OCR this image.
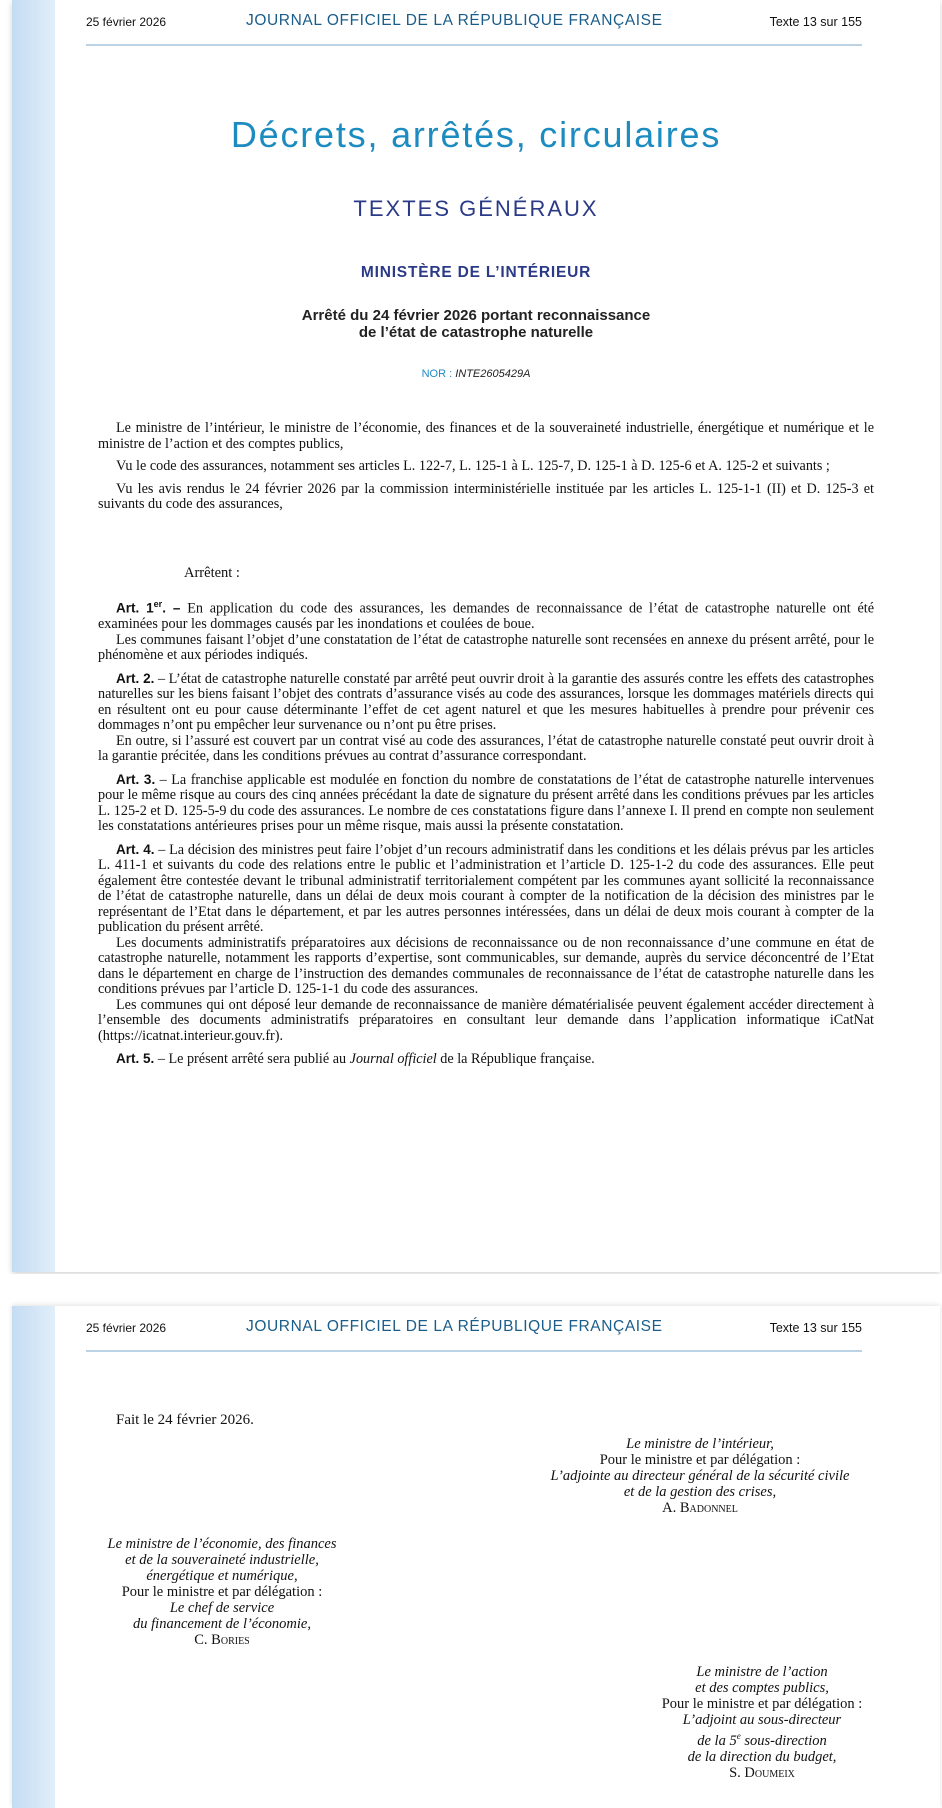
25 février 2026	JOURNAL OFFICIEL DE LA RÉPUBLIQUE FRANÇAISE	Texte 13 sur 155
Décrets, arrêtés, circulaires
TEXTES GÉNÉRAUX
MINISTÈRE DE L’INTÉRIEUR
Arrêté du 24 février 2026 portant reconnaissance
de l’état de catastrophe naturelle
NOR : INTE2605429A

Le ministre de l’intérieur, le ministre de l’économie, des finances et de la souveraineté industrielle, énergétique et numérique et le ministre de l’action et des comptes publics,

Vu le code des assurances, notamment ses articles L. 122-7, L. 125-1 à L. 125-7, D. 125-1 à D. 125-6 et A. 125-2 et suivants ;

Vu les avis rendus le 24 février 2026 par la commission interministérielle instituée par les articles L. 125-1-1 (II) et D. 125-3 et suivants du code des assurances,

Arrêtent :

Art. 1er. – En application du code des assurances, les demandes de reconnaissance de l’état de catastrophe naturelle ont été examinées pour les dommages causés par les inondations et coulées de boue.

Les communes faisant l’objet d’une constatation de l’état de catastrophe naturelle sont recensées en annexe du présent arrêté, pour le phénomène et aux périodes indiqués.

Art. 2. – L’état de catastrophe naturelle constaté par arrêté peut ouvrir droit à la garantie des assurés contre les effets des catastrophes naturelles sur les biens faisant l’objet des contrats d’assurance visés au code des assurances, lorsque les dommages matériels directs qui en résultent ont eu pour cause déterminante l’effet de cet agent naturel et que les mesures habituelles à prendre pour prévenir ces dommages n’ont pu empêcher leur survenance ou n’ont pu être prises.

En outre, si l’assuré est couvert par un contrat visé au code des assurances, l’état de catastrophe naturelle constaté peut ouvrir droit à la garantie précitée, dans les conditions prévues au contrat d’assurance correspondant.

Art. 3. – La franchise applicable est modulée en fonction du nombre de constatations de l’état de catastrophe naturelle intervenues pour le même risque au cours des cinq années précédant la date de signature du présent arrêté dans les conditions prévues par les articles L. 125-2 et D. 125-5-9 du code des assurances. Le nombre de ces constatations figure dans l’annexe I. Il prend en compte non seulement les constatations antérieures prises pour un même risque, mais aussi la présente constatation.

Art. 4. – La décision des ministres peut faire l’objet d’un recours administratif dans les conditions et les délais prévus par les articles L. 411-1 et suivants du code des relations entre le public et l’administration et l’article D. 125-1-2 du code des assurances. Elle peut également être contestée devant le tribunal administratif territorialement compétent par les communes ayant sollicité la reconnaissance de l’état de catastrophe naturelle, dans un délai de deux mois courant à compter de la notification de la décision des ministres par le représentant de l’Etat dans le département, et par les autres personnes intéressées, dans un délai de deux mois courant à compter de la publication du présent arrêté.

Les documents administratifs préparatoires aux décisions de reconnaissance ou de non reconnaissance d’une commune en état de catastrophe naturelle, notamment les rapports d’expertise, sont communicables, sur demande, auprès du service déconcentré de l’Etat dans le département en charge de l’instruction des demandes communales de reconnaissance de l’état de catastrophe naturelle dans les conditions prévues par l’article D. 125-1-1 du code des assurances.

Les communes qui ont déposé leur demande de reconnaissance de manière dématérialisée peuvent également accéder directement à l’ensemble des documents administratifs préparatoires en consultant leur demande dans l’application informatique iCatNat (https://icatnat.interieur.gouv.fr).

Art. 5. – Le présent arrêté sera publié au Journal officiel de la République française.

25 février 2026	JOURNAL OFFICIEL DE LA RÉPUBLIQUE FRANÇAISE	Texte 13 sur 155
Fait le 24 février 2026.
Le ministre de l’intérieur,
Pour le ministre et par délégation :
L’adjointe au directeur général de la sécurité civile
et de la gestion des crises,
A. Badonnel
Le ministre de l’économie, des finances
et de la souveraineté industrielle,
énergétique et numérique,
Pour le ministre et par délégation :
Le chef de service
du financement de l’économie,
C. Bories
Le ministre de l’action
et des comptes publics,
Pour le ministre et par délégation :
L’adjoint au sous-directeur
de la 5e sous-direction
de la direction du budget,
S. Doumeix
